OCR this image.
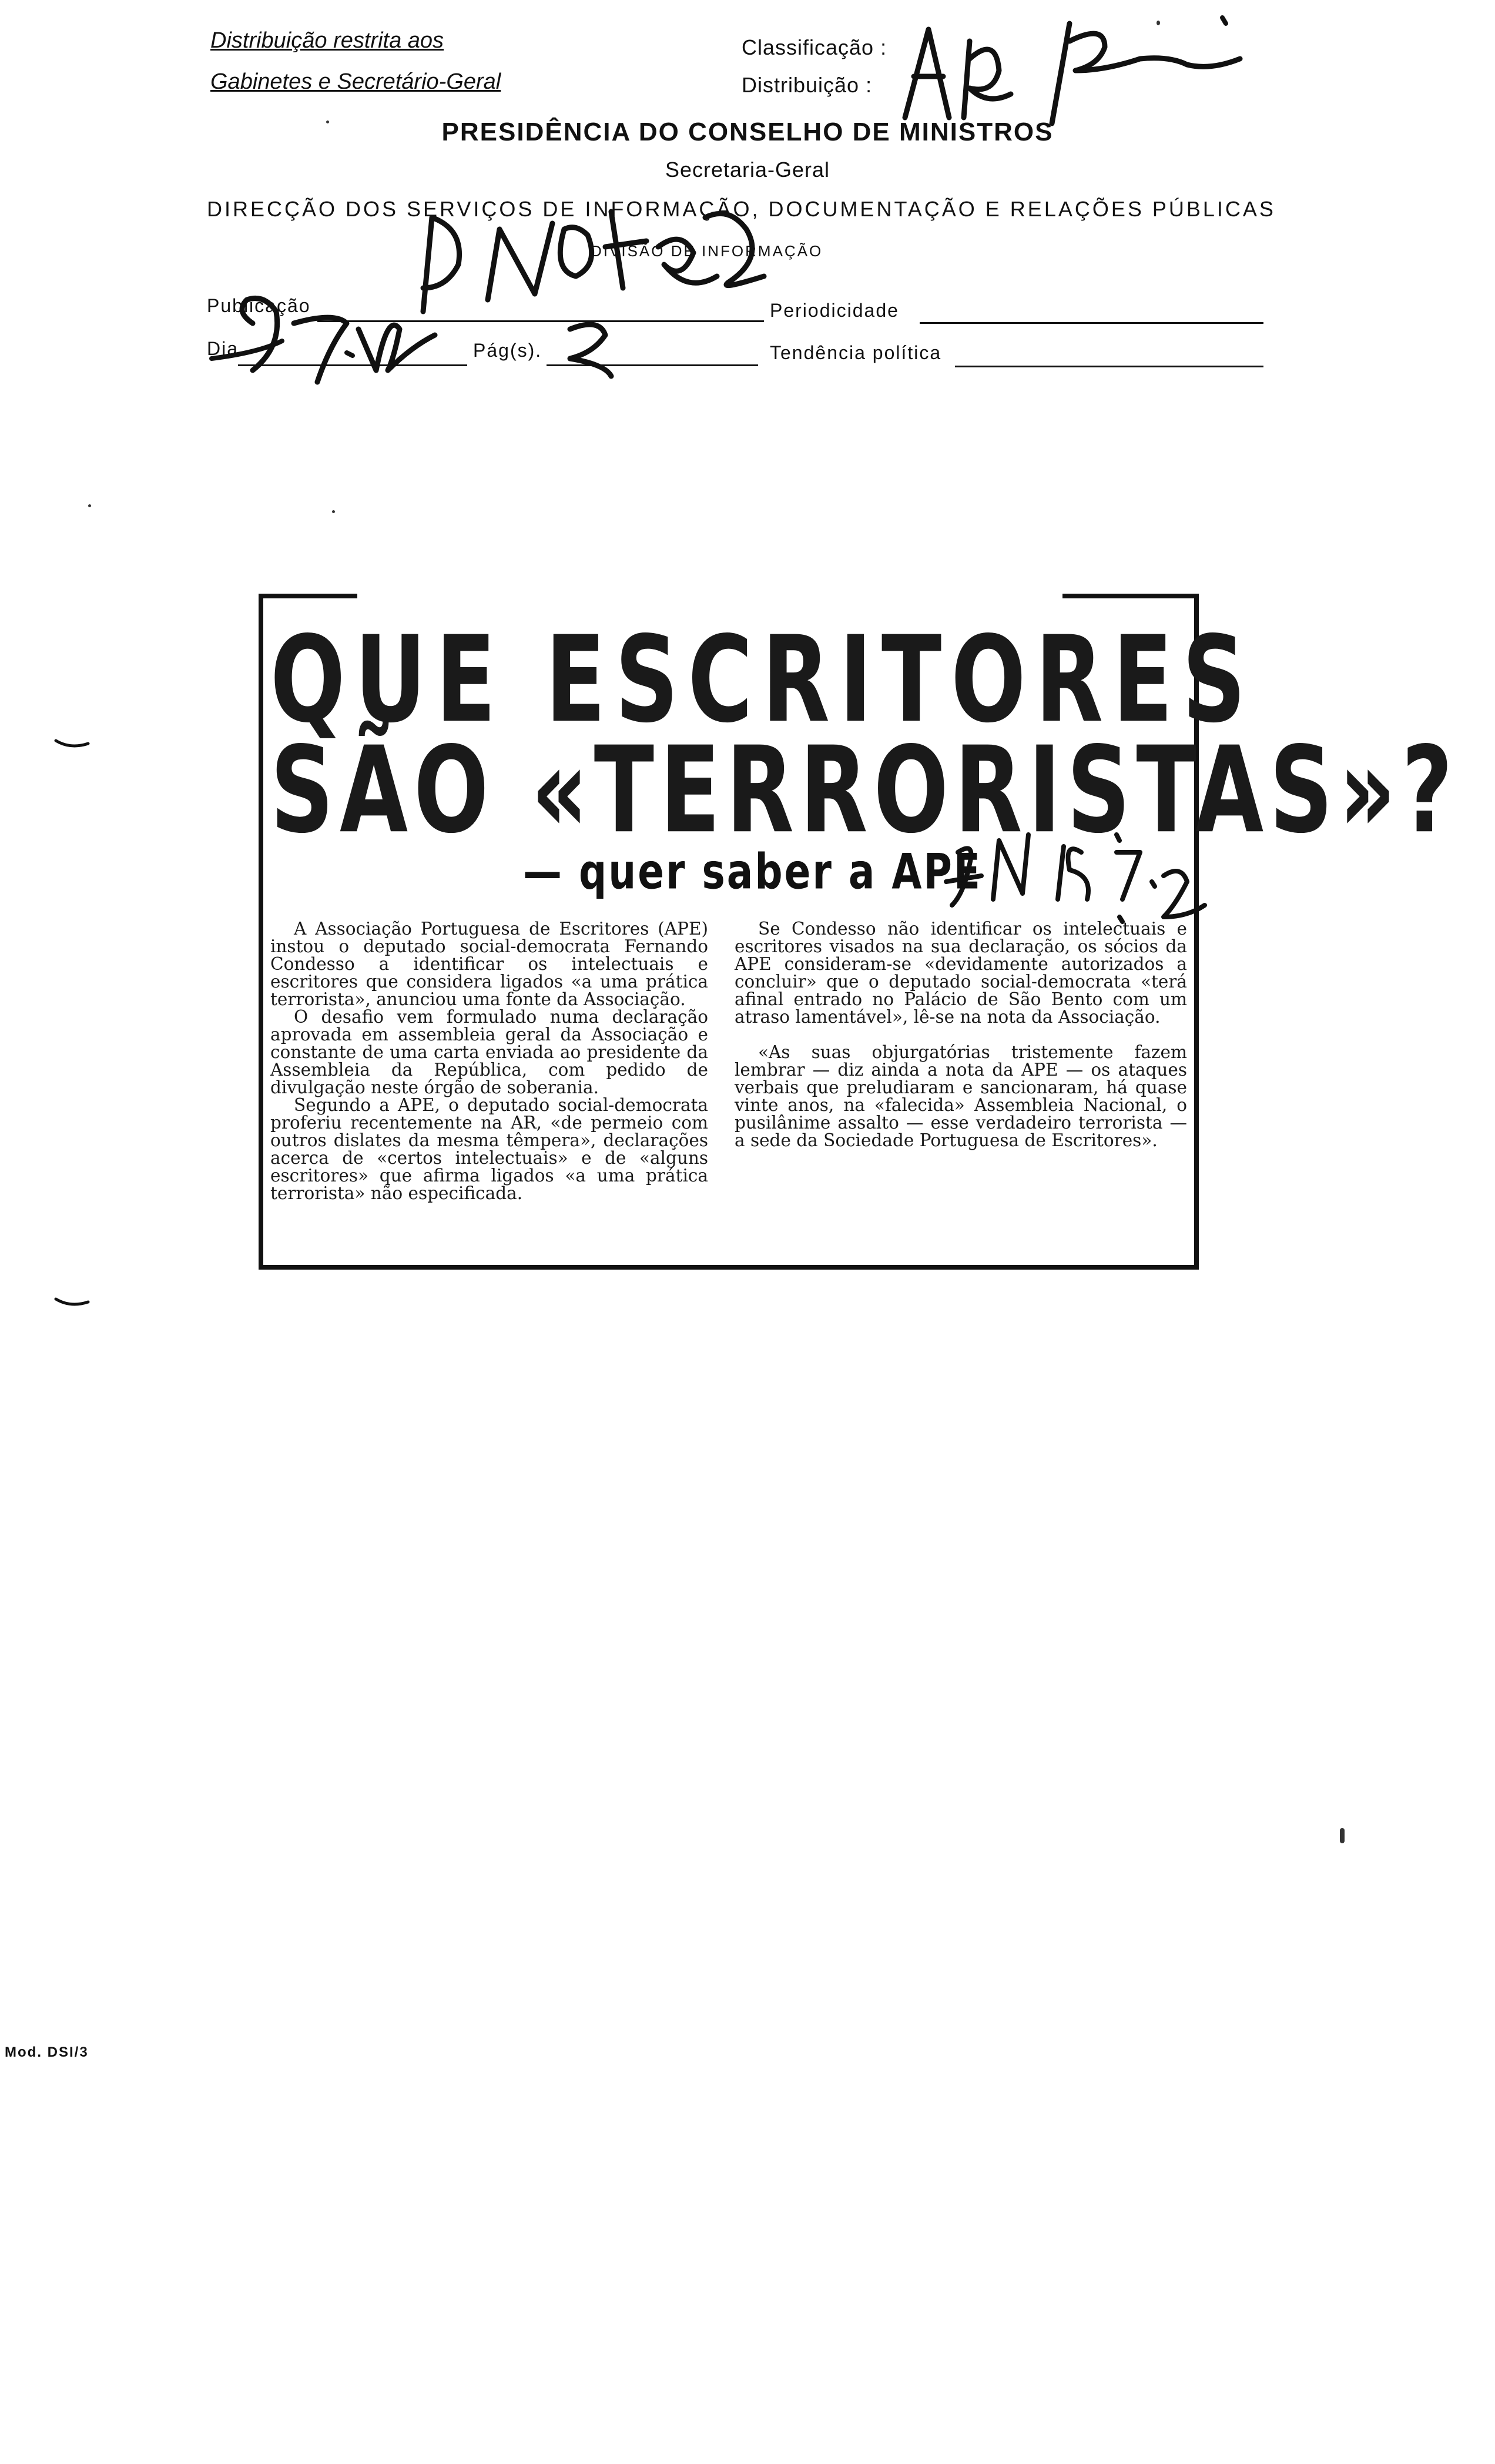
Distribuição restrita aos
Gabinetes e Secretário-Geral
Classificação :
Distribuição :
PRESIDÊNCIA DO CONSELHO DE MINISTROS
Secretaria-Geral
DIRECÇÃO DOS SERVIÇOS DE INFORMAÇÃO, DOCUMENTAÇÃO E RELAÇÕES PÚBLICAS
DIVISÃO DE INFORMAÇÃO
Publicação	Periodicidade
Dia	Pág(s).	Tendência política
QUE ESCRITORES
SÃO «TERRORISTAS»?
— quer saber a APE

A Associação Portuguesa de Escritores (APE) instou o deputado social-democrata Fernando Condesso a identificar os intelectuais e escritores que considera ligados «a uma prática terrorista», anunciou uma fonte da Associação.

O desafio vem formulado numa declaração aprovada em assembleia geral da Associação e constante de uma carta enviada ao presidente da Assembleia da República, com pedido de divulgação neste órgão de soberania.

Segundo a APE, o deputado social-democrata proferiu recentemente na AR, «de permeio com outros dislates da mesma têmpera», declarações acerca de «certos intelectuais» e de «alguns escritores» que afirma ligados «a uma prática terrorista» não especificada.

Se Condesso não identificar os intelectuais e escritores visados na sua declaração, os sócios da APE consideram-se «devidamente autorizados a concluir» que o deputado social-democrata «terá afinal entrado no Palácio de São Bento com um atraso lamentável», lê-se na nota da Associação.

«As suas objurgatórias tristemente fazem lembrar — diz ainda a nota da APE — os ataques verbais que preludiaram e sancionaram, há quase vinte anos, na «falecida» Assembleia Nacional, o pusilânime assalto — esse verdadeiro terrorista — a sede da Sociedade Portuguesa de Escritores».

Mod. DSI/3
